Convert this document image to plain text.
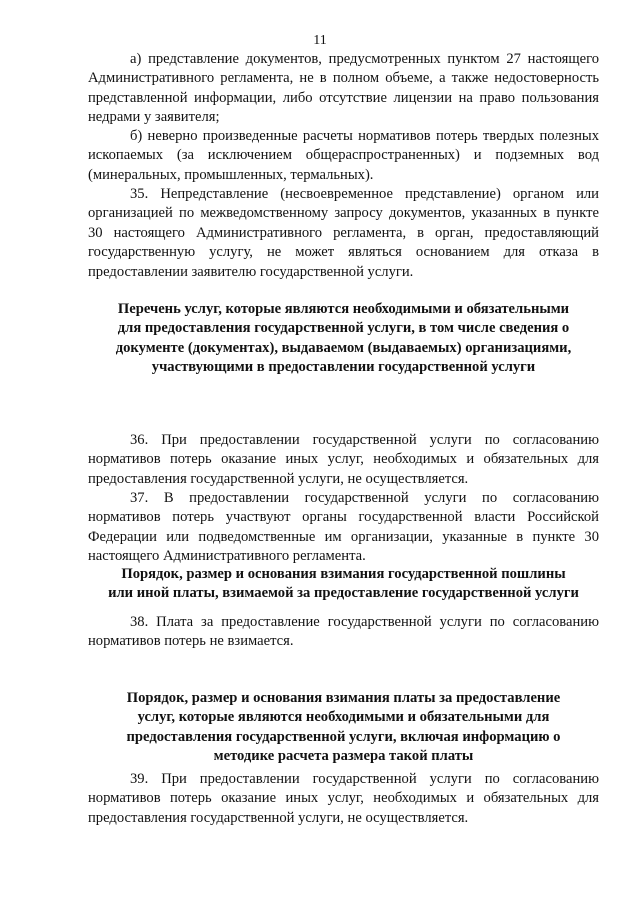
11

а) представление документов, предусмотренных пунктом 27 настоящего Административного регламента, не в полном объеме, а также недостоверность представленной информации, либо отсутствие лицензии на право пользования недрами у заявителя;

б) неверно произведенные расчеты нормативов потерь твердых полезных ископаемых (за исключением общераспространенных) и подземных вод (минеральных, промышленных, термальных).

35. Непредставление (несвоевременное представление) органом или организацией по межведомственному запросу документов, указанных в пункте 30 настоящего Административного регламента, в орган, предоставляющий государственную услугу, не может являться основанием для отказа в предоставлении заявителю государственной услуги.

Перечень услуг, которые являются необходимыми и обязательными
для предоставления государственной услуги, в том числе сведения о
документе (документах), выдаваемом (выдаваемых) организациями,
участвующими в предоставлении государственной услуги

36. При предоставлении государственной услуги по согласованию нормативов потерь оказание иных услуг, необходимых и обязательных для предоставления государственной услуги, не осуществляется.

37. В предоставлении государственной услуги по согласованию нормативов потерь участвуют органы государственной власти Российской Федерации или подведомственные им организации, указанные в пункте 30 настоящего Административного регламента.

Порядок, размер и основания взимания государственной пошлины
или иной платы, взимаемой за предоставление государственной услуги

38. Плата за предоставление государственной услуги по согласованию нормативов потерь не взимается.

Порядок, размер и основания взимания платы за предоставление
услуг, которые являются необходимыми и обязательными для
предоставления государственной услуги, включая информацию о
методике расчета размера такой платы

39. При предоставлении государственной услуги по согласованию нормативов потерь оказание иных услуг, необходимых и обязательных для предоставления государственной услуги, не осуществляется.
